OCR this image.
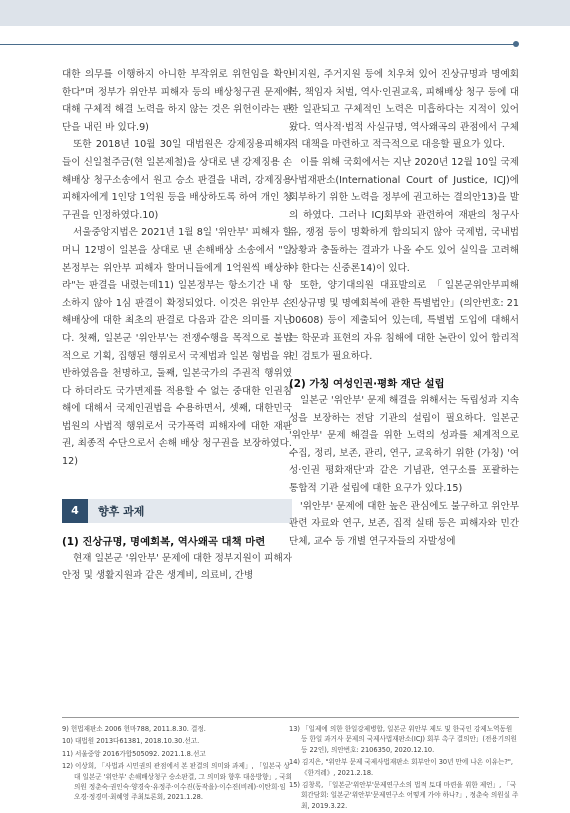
대한 의무를 이행하지 아니한 부작위로 위헌임을 확인한다"며 정부가 위안부 피해자 등의 배상청구권 문제에 대해 구체적 해결 노력을 하지 않는 것은 위헌이라는 판단을 내린 바 있다.9)

또한 2018년 10월 30일 대법원은 강제징용피해자들이 신일철주금(현 일본제철)을 상대로 낸 강제징용 손해배상 청구소송에서 원고 승소 판결을 내려, 강제징용피해자에게 1인당 1억원 등을 배상하도록 하여 개인 청구권을 인정하였다.10)

서울중앙지법은 2021년 1월 8일 '위안부' 피해자 할머니 12명이 일본을 상대로 낸 손해배상 소송에서 "일본정부는 위안부 피해자 할머니들에게 1억원씩 배상하라"는 판결을 내렸는데11) 일본정부는 항소기간 내 항소하지 않아 1심 판결이 확정되었다. 이것은 위안부 손해배상에 대한 최초의 판결로 다음과 같은 의미를 지닌다. 첫째, 일본군 '위안부'는 전쟁수행을 목적으로 불법적으로 기획, 집행된 행위로서 국제법과 일본 형법을 위반하였음을 천명하고, 둘째, 일본국가의 주권적 행위였다 하더라도 국가면제를 적용할 수 없는 중대한 인권침해에 대해서 국제인권법을 수용하면서, 셋째, 대한민국 법원의 사법적 행위로서 국가폭력 피해자에 대한 재판권, 최종적 수단으로서 손해 배상 청구권을 보장하였다.12)

4	향후 과제

(1) 진상규명, 명예회복, 역사왜곡 대책 마련

현재 일본군 '위안부' 문제에 대한 정부지원이 피해자안정 및 생활지원과 같은 생계비, 의료비, 간병

비지원, 주거지원 등에 치우쳐 있어 진상규명과 명예회복, 책임자 처벌, 역사·인권교육, 피해배상 청구 등에 대한 일관되고 구체적인 노력은 미흡하다는 지적이 있어왔다. 역사적·법적 사실규명, 역사왜곡의 관점에서 구체적 대책을 마련하고 적극적으로 대응할 필요가 있다.

이를 위해 국회에서는 지난 2020년 12월 10일 국제사법재판소(International Court of Justice, ICJ)에 회부하기 위한 노력을 정부에 권고하는 결의안13)을 발의 하였다. 그러나 ICJ회부와 관련하여 재판의 청구사유, 쟁점 등이 명확하게 합의되지 않아 국제법, 국내법 상황과 충돌하는 결과가 나올 수도 있어 실익을 고려해야 한다는 신중론14)이 있다.

또한, 양기대의원 대표발의로 「일본군위안부피해 진상규명 및 명예회복에 관한 특별법안」(의안번호: 2100608) 등이 제출되어 있는데, 특별법 도입에 대해서는 학문과 표현의 자유 침해에 대한 논란이 있어 합리적인 검토가 필요하다.

(2) 가칭 여성인권·평화 재단 설립

일본군 '위안부' 문제 해결을 위해서는 독립성과 지속성을 보장하는 전담 기관의 설립이 필요하다. 일본군 '위안부' 문제 해결을 위한 노력의 성과를 체계적으로 수집, 정리, 보존, 관리, 연구, 교육하기 위한 (가칭) '여성·인권 평화재단'과 같은 기념관, 연구소를 포괄하는 통합적 기관 설립에 대한 요구가 있다.15)

'위안부' 문제에 대한 높은 관심에도 불구하고 위안부 관련 자료와 연구, 보존, 집적 실태 등은 피해자와 민간단체, 교수 등 개별 연구자들의 자발성에

9) 헌법재판소 2006 헌마788, 2011.8.30. 결정.

10) 대법원 2013다61381, 2018.10.30.선고.

11) 서울중앙 2016가합505092. 2021.1.8.선고

12) 이상희, 「사법과 시민권의 관점에서 본 판결의 의미와 과제」, 「일본국 상대 일본군 '위안부' 손해배상청구 승소판결, 그 의미와 향후 대응방향」, 국회의원 정춘숙·권인숙·양경숙·유정주·이수진(동작을)·이수진(비례)·이탄희·임오경·정경미·최혜영 주최토론회, 2021.1.28.

13) 「일제에 의한 한일강제병합, 일본군 위안부 제도 및 한국인 강제노역동원 등 한일 과거사 문제의 국제사법재판소(ICJ) 회부 촉구 결의안」(전용기의원 등 22인), 의안번호: 2106350, 2020.12.10.

14) 김지은, "위안부 문제 국제사법재판소 회부안이 30년 만에 나온 이유는?", 《한겨레》, 2021.2.18.

15) 김창록, 「일본군'위안부'문제연구소의 법적 토대 마련을 위한 제언」, 「국회간담회: 일본군'위안부'문제연구소 어떻게 가야 하나?」, 정춘숙 의원실 주최, 2019.3.22.
